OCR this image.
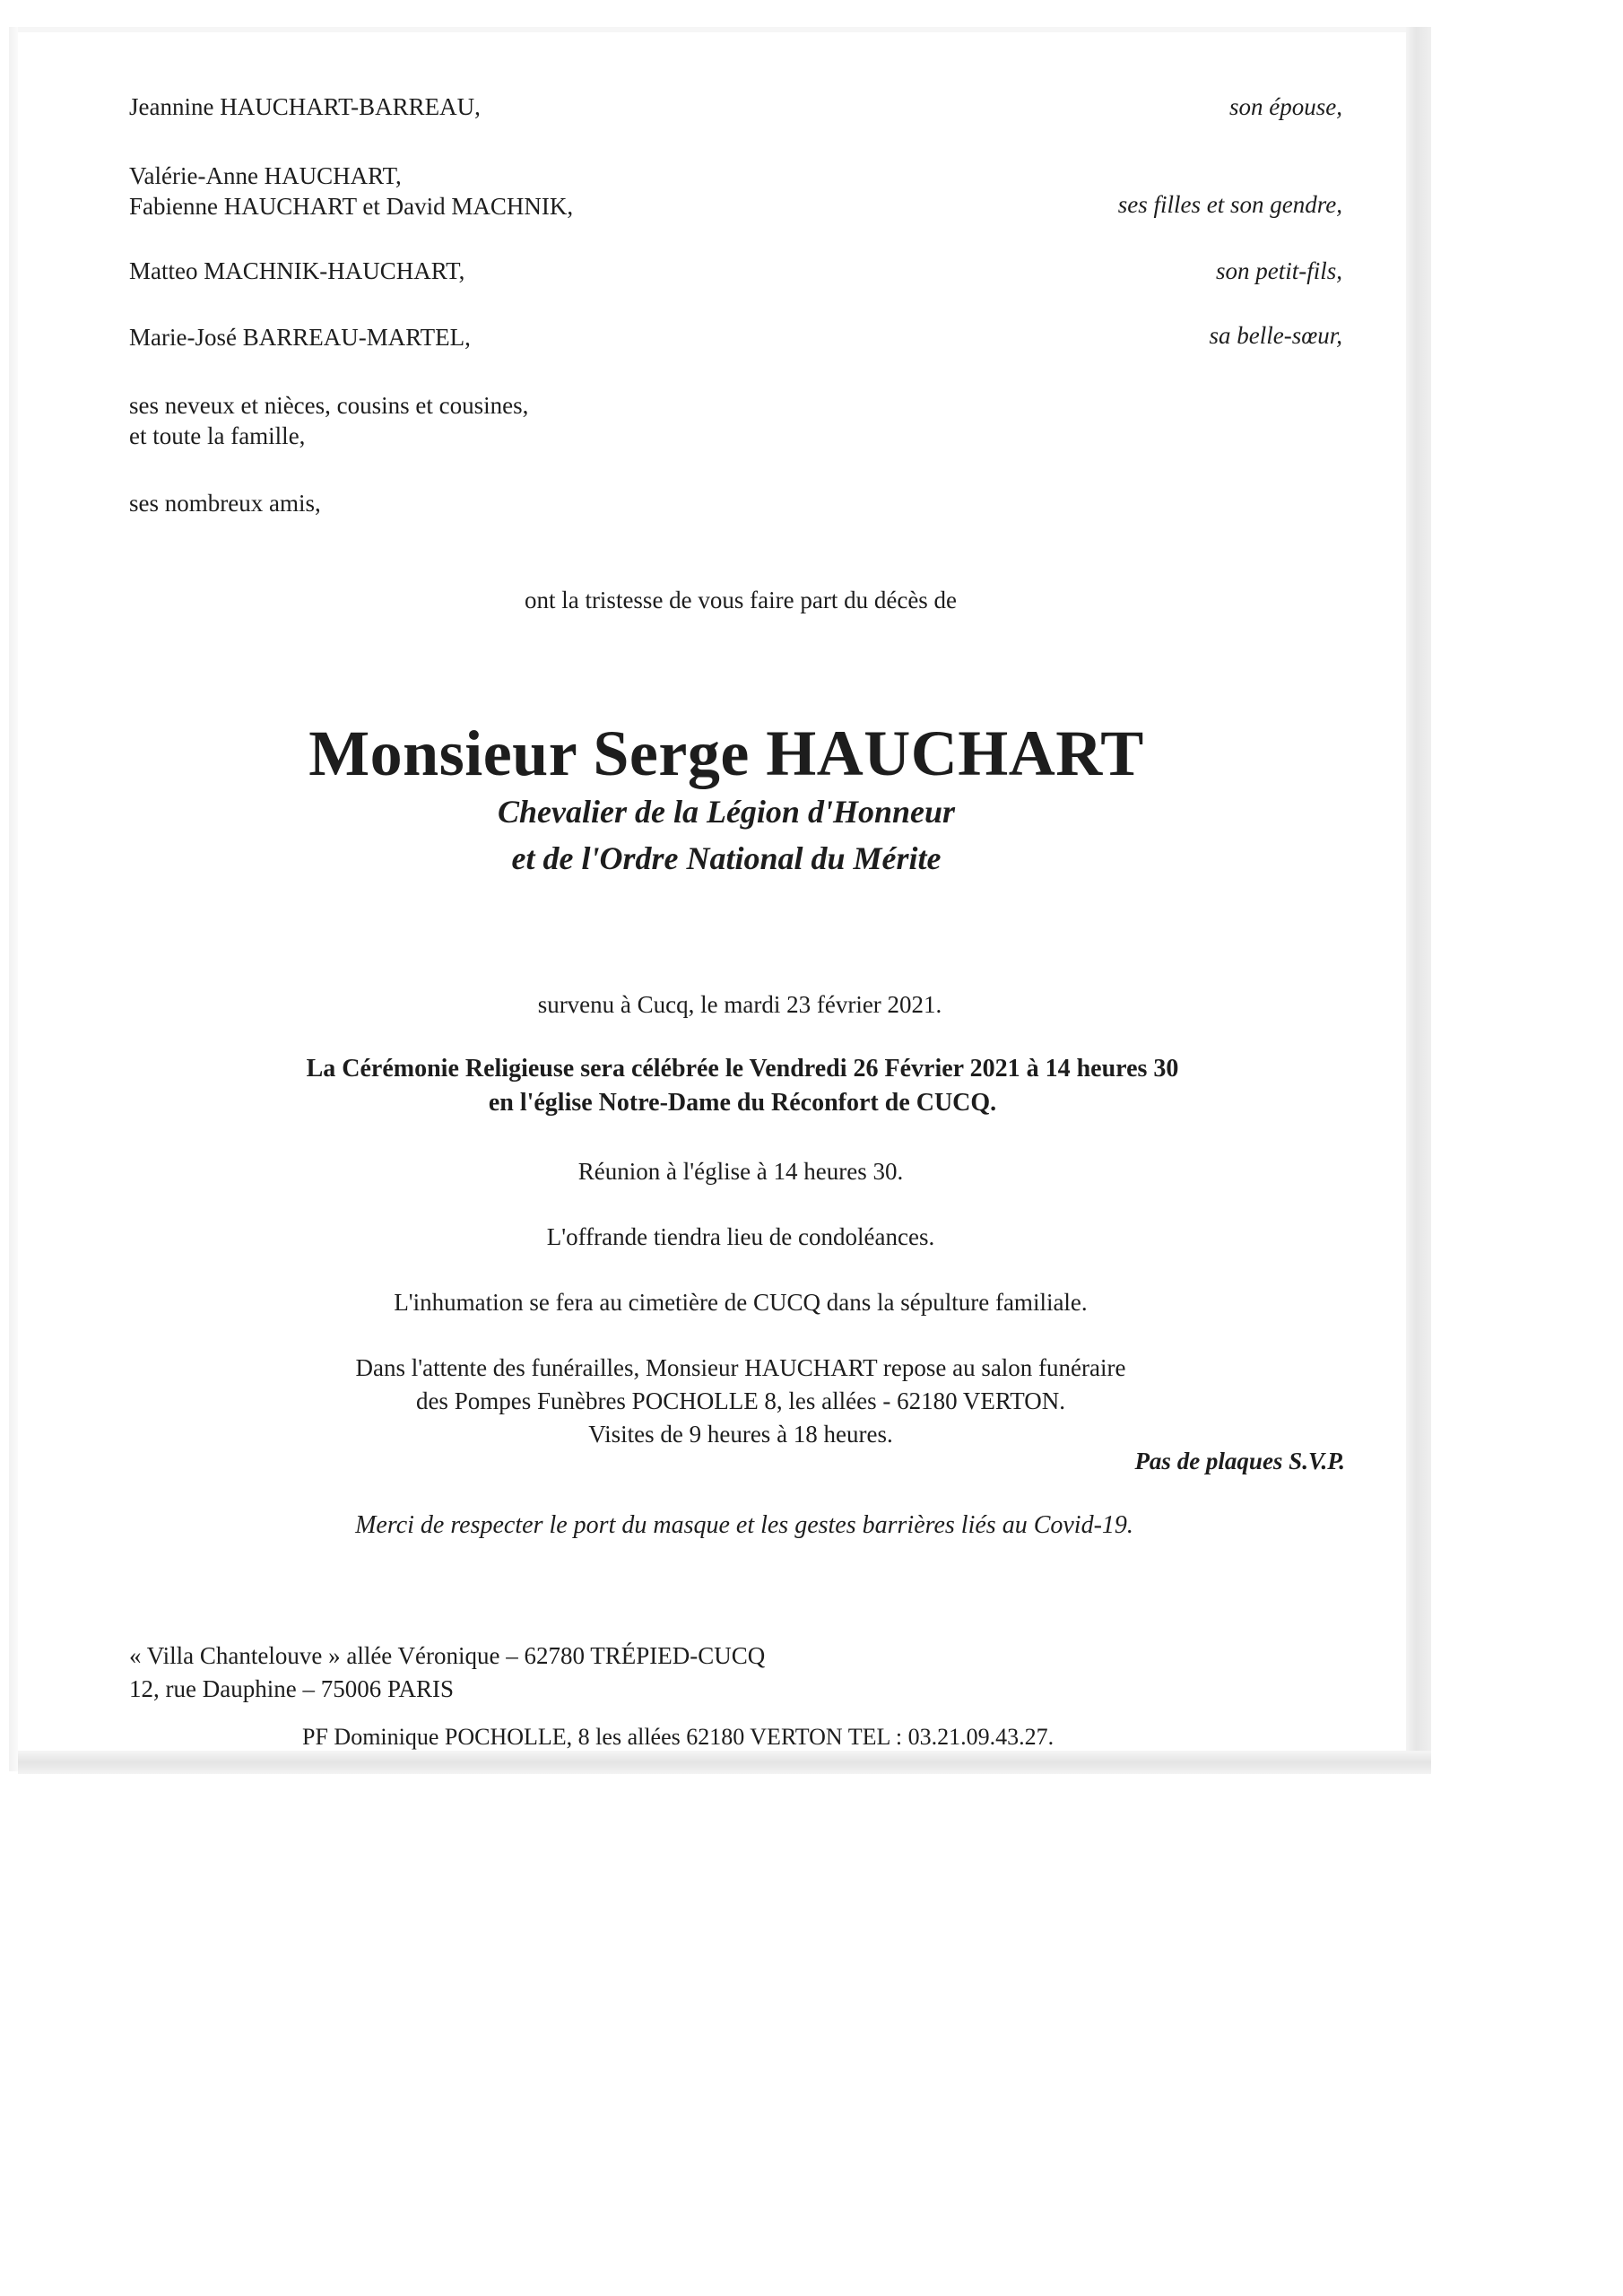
Jeannine HAUCHART-BARREAU,	son épouse,
Valérie-Anne HAUCHART,
Fabienne HAUCHART et David MACHNIK,	ses filles et son gendre,
Matteo MACHNIK-HAUCHART,	son petit-fils,
Marie-José BARREAU-MARTEL,	sa belle-sœur,
ses neveux et nièces, cousins et cousines,
et toute la famille,
ses nombreux amis,
ont la tristesse de vous faire part du décès de
Monsieur Serge HAUCHART
Chevalier de la Légion d'Honneur
et de l'Ordre National du Mérite
survenu à Cucq, le mardi 23 février 2021.
La Cérémonie Religieuse sera célébrée le Vendredi 26 Février 2021 à 14 heures 30
en l'église Notre-Dame du Réconfort de CUCQ.
Réunion à l'église à 14 heures 30.
L'offrande tiendra lieu de condoléances.
L'inhumation se fera au cimetière de CUCQ dans la sépulture familiale.
Dans l'attente des funérailles, Monsieur HAUCHART repose au salon funéraire
des Pompes Funèbres POCHOLLE 8, les allées - 62180 VERTON.
Visites de 9 heures à 18 heures.
Pas de plaques S.V.P.
Merci de respecter le port du masque et les gestes barrières liés au Covid-19.
« Villa Chantelouve » allée Véronique – 62780 TRÉPIED-CUCQ
12, rue Dauphine – 75006 PARIS
PF Dominique POCHOLLE, 8 les allées 62180 VERTON TEL : 03.21.09.43.27.
